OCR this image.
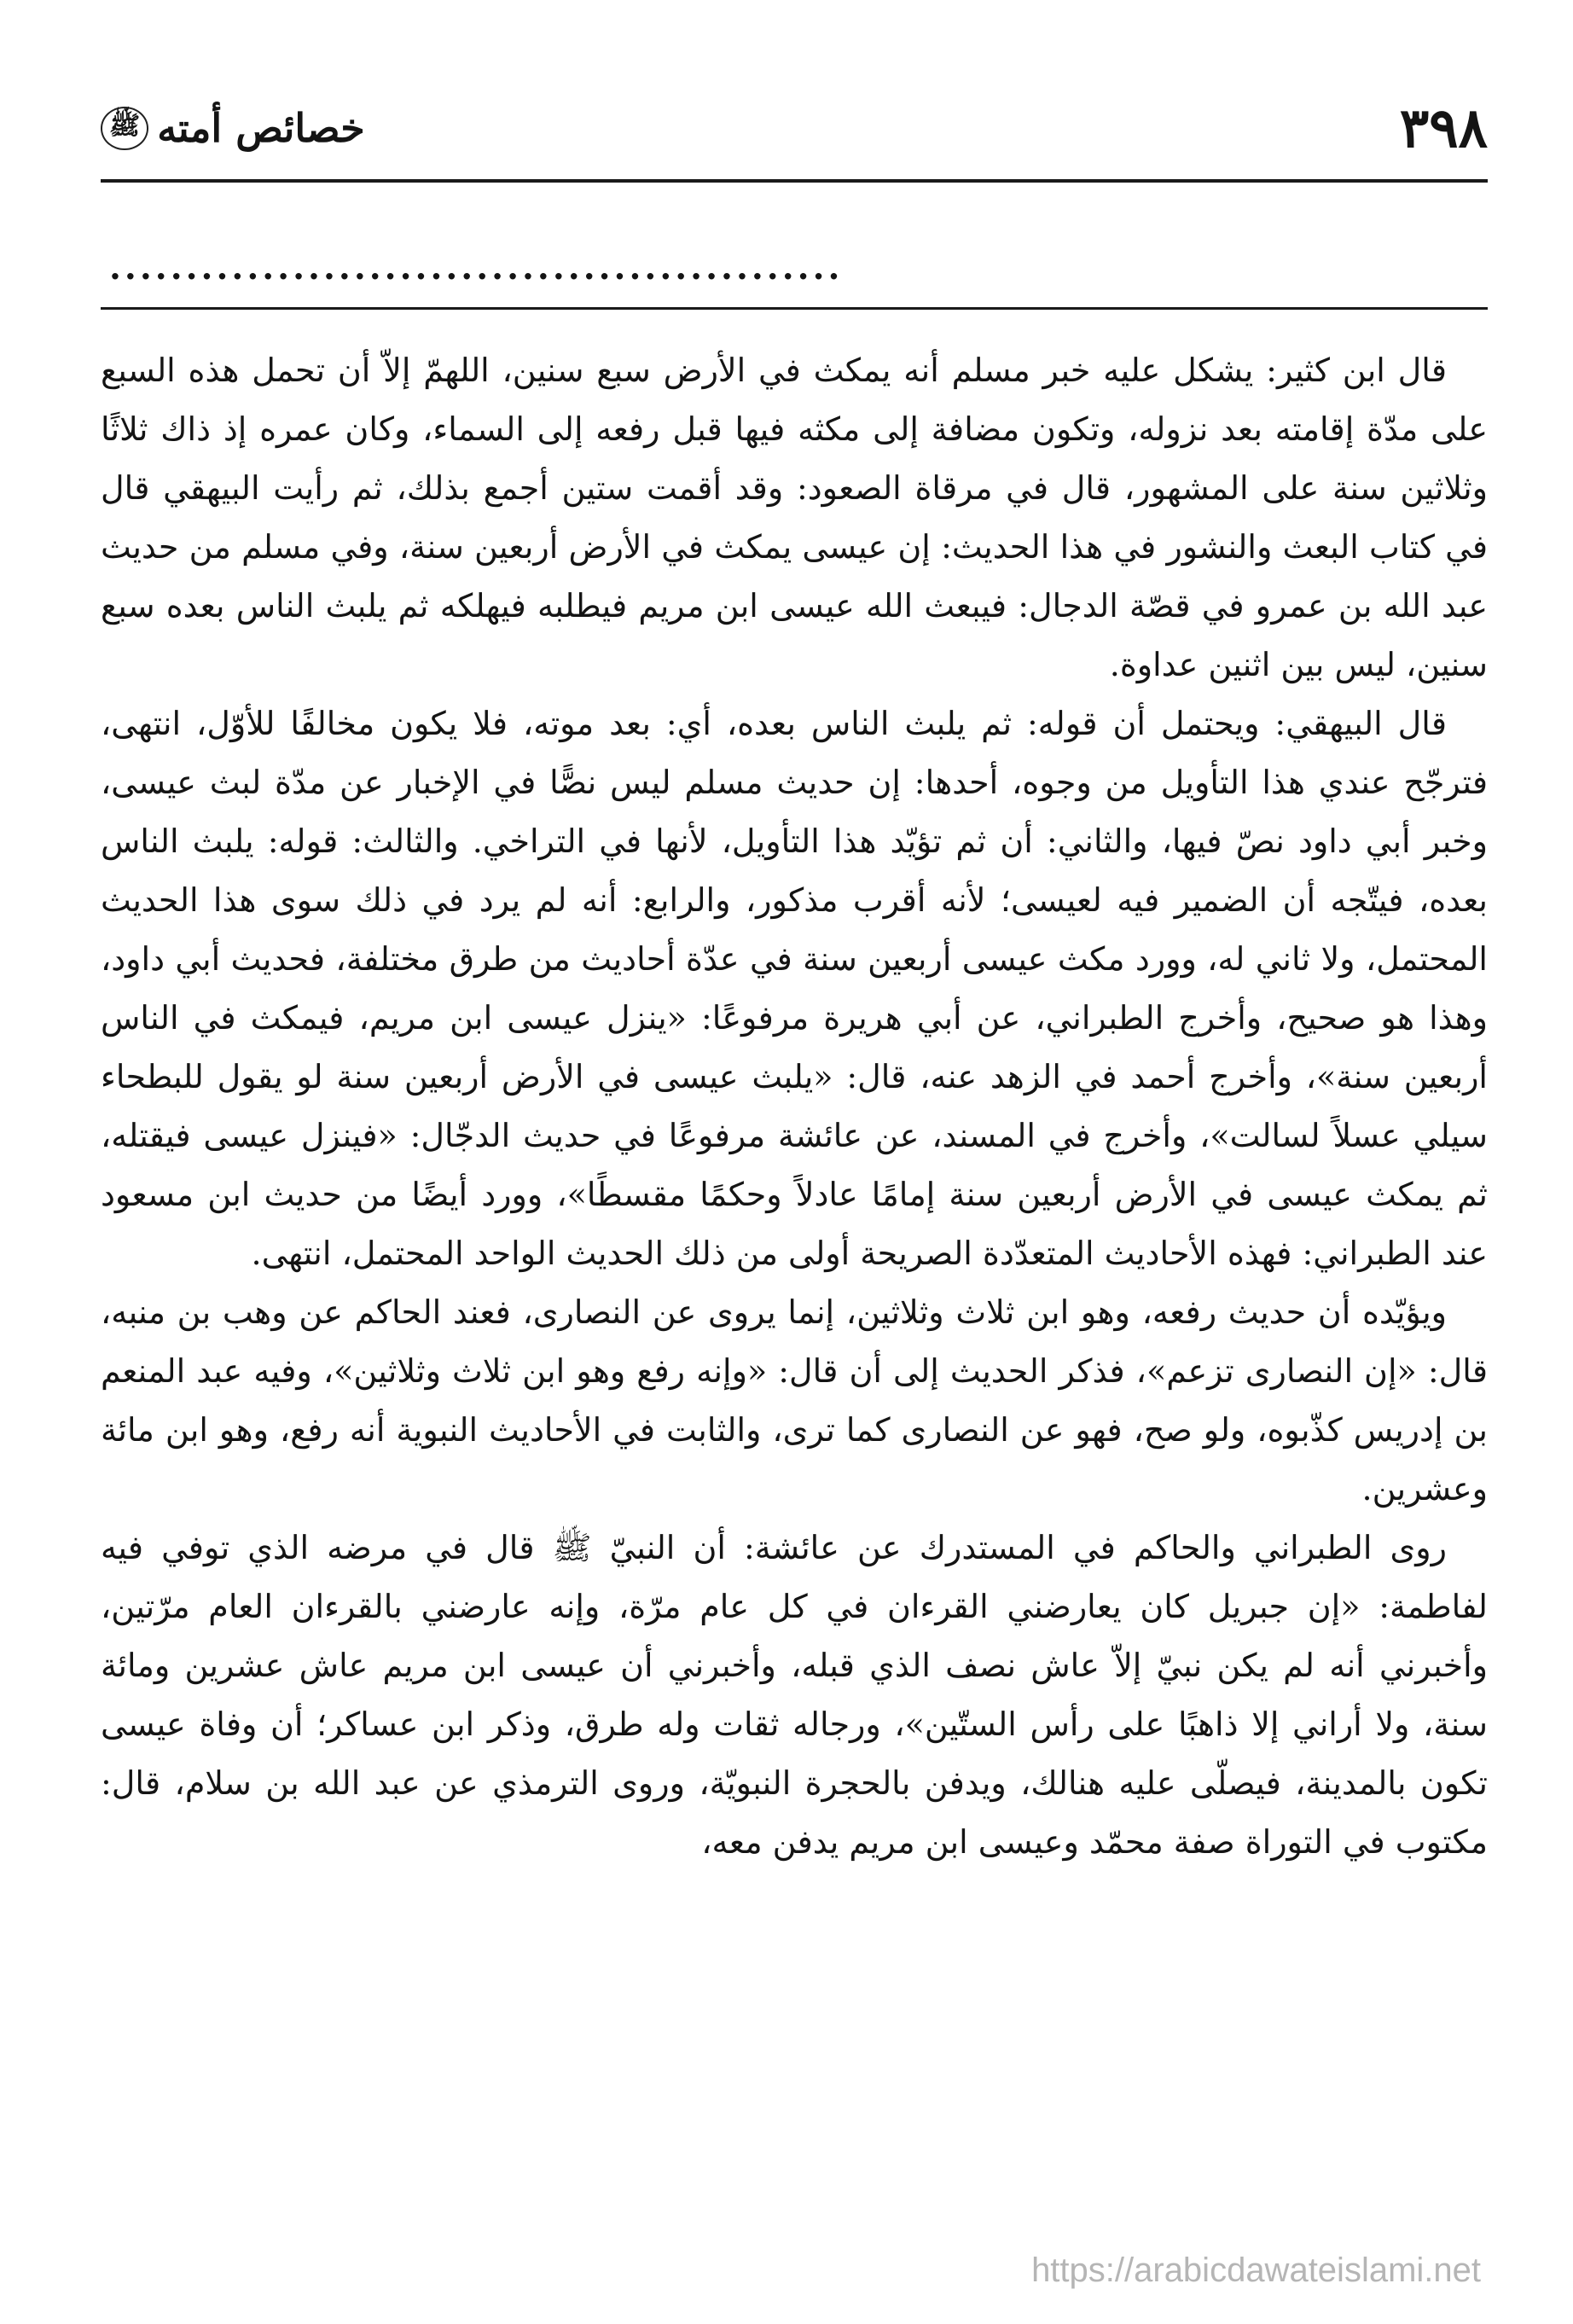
٣٩٨
خصائص أمته
ﷺ
................................................

قال ابن كثير: يشكل عليه خبر مسلم أنه يمكث في الأرض سبع سنين، اللهمّ إلاّ أن تحمل هذه السبع على مدّة إقامته بعد نزوله، وتكون مضافة إلى مكثه فيها قبل رفعه إلى السماء، وكان عمره إذ ذاك ثلاثًا وثلاثين سنة على المشهور، قال في مرقاة الصعود: وقد أقمت ستين أجمع بذلك، ثم رأيت البيهقي قال في كتاب البعث والنشور في هذا الحديث: إن عيسى يمكث في الأرض أربعين سنة، وفي مسلم من حديث عبد الله بن عمرو في قصّة الدجال: فيبعث الله عيسى ابن مريم فيطلبه فيهلكه ثم يلبث الناس بعده سبع سنين، ليس بين اثنين عداوة.

قال البيهقي: ويحتمل أن قوله: ثم يلبث الناس بعده، أي: بعد موته، فلا يكون مخالفًا للأوّل، انتهى، فترجّح عندي هذا التأويل من وجوه، أحدها: إن حديث مسلم ليس نصًّا في الإخبار عن مدّة لبث عيسى، وخبر أبي داود نصّ فيها، والثاني: أن ثم تؤيّد هذا التأويل، لأنها في التراخي. والثالث: قوله: يلبث الناس بعده، فيتّجه أن الضمير فيه لعيسى؛ لأنه أقرب مذكور، والرابع: أنه لم يرد في ذلك سوى هذا الحديث المحتمل، ولا ثاني له، وورد مكث عيسى أربعين سنة في عدّة أحاديث من طرق مختلفة، فحديث أبي داود، وهذا هو صحيح، وأخرج الطبراني، عن أبي هريرة مرفوعًا: «ينزل عيسى ابن مريم، فيمكث في الناس أربعين سنة»، وأخرج أحمد في الزهد عنه، قال: «يلبث عيسى في الأرض أربعين سنة لو يقول للبطحاء سيلي عسلاً لسالت»، وأخرج في المسند، عن عائشة مرفوعًا في حديث الدجّال: «فينزل عيسى فيقتله، ثم يمكث عيسى في الأرض أربعين سنة إمامًا عادلاً وحكمًا مقسطًا»، وورد أيضًا من حديث ابن مسعود عند الطبراني: فهذه الأحاديث المتعدّدة الصريحة أولى من ذلك الحديث الواحد المحتمل، انتهى.

ويؤيّده أن حديث رفعه، وهو ابن ثلاث وثلاثين، إنما يروى عن النصارى، فعند الحاكم عن وهب بن منبه، قال: «إن النصارى تزعم»، فذكر الحديث إلى أن قال: «وإنه رفع وهو ابن ثلاث وثلاثين»، وفيه عبد المنعم بن إدريس كذّبوه، ولو صح، فهو عن النصارى كما ترى، والثابت في الأحاديث النبوية أنه رفع، وهو ابن مائة وعشرين.

روى الطبراني والحاكم في المستدرك عن عائشة: أن النبيّ ﷺ قال في مرضه الذي توفي فيه لفاطمة: «إن جبريل كان يعارضني القرءان في كل عام مرّة، وإنه عارضني بالقرءان العام مرّتين، وأخبرني أنه لم يكن نبيّ إلاّ عاش نصف الذي قبله، وأخبرني أن عيسى ابن مريم عاش عشرين ومائة سنة، ولا أراني إلا ذاهبًا على رأس الستّين»، ورجاله ثقات وله طرق، وذكر ابن عساكر؛ أن وفاة عيسى تكون بالمدينة، فيصلّى عليه هنالك، ويدفن بالحجرة النبويّة، وروى الترمذي عن عبد الله بن سلام، قال: مكتوب في التوراة صفة محمّد وعيسى ابن مريم يدفن معه،

https://arabicdawateislami.net
